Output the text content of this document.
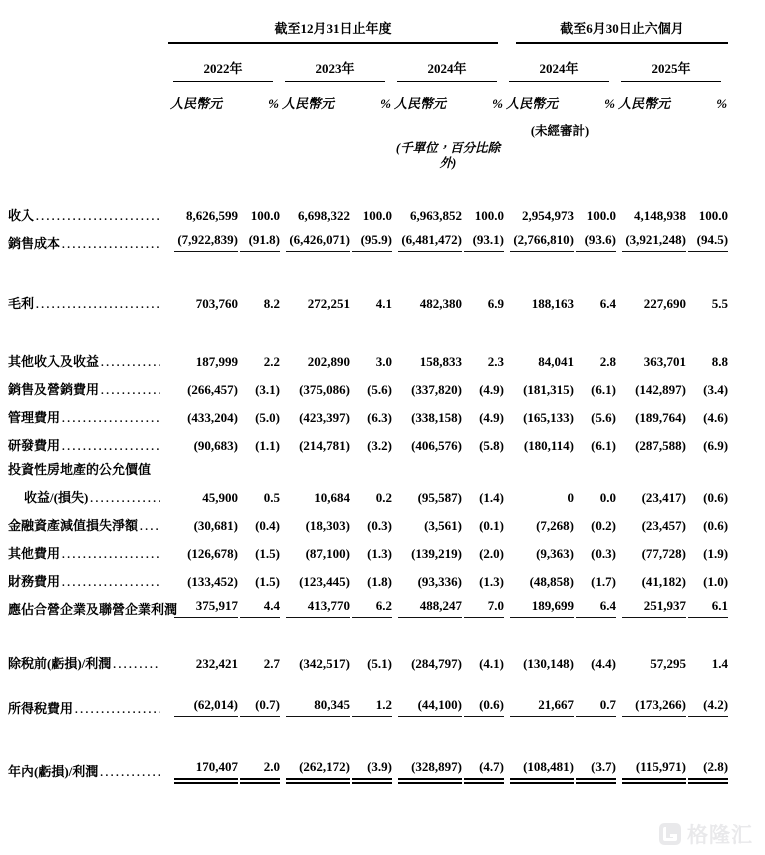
	截至12月31日止年度						截至6月30日止六個月			

	2022年		2023年		2024年		2024年		2025年	

	人民幣元	%	人民幣元	%	人民幣元	%	人民幣元	%	人民幣元	%
							(未經審計)			
					(千單位，百分比除外)					

收入
.....	8,626,599	100.0	6,698,322	100.0	6,963,852	100.0	2,954,973	100.0	4,148,938	100.0

銷售成本
.....	(7,922,839)	(91.8)	(6,426,071)	(95.9)	(6,481,472)	(93.1)	(2,766,810)	(93.6)	(3,921,248)	(94.5)

毛利
.....	703,760	8.2	272,251	4.1	482,380	6.9	188,163	6.4	227,690	5.5

其他收入及收益
.....	187,999	2.2	202,890	3.0	158,833	2.3	84,041	2.8	363,701	8.8

銷售及營銷費用
.....	(266,457)	(3.1)	(375,086)	(5.6)	(337,820)	(4.9)	(181,315)	(6.1)	(142,897)	(3.4)

管理費用
.....	(433,204)	(5.0)	(423,397)	(6.3)	(338,158)	(4.9)	(165,133)	(5.6)	(189,764)	(4.6)

研發費用
.....	(90,683)	(1.1)	(214,781)	(3.2)	(406,576)	(5.8)	(180,114)	(6.1)	(287,588)	(6.9)

投資性房地產的公允價值										

收益/(損失)
.....	45,900	0.5	10,684	0.2	(95,587)	(1.4)	0	0.0	(23,417)	(0.6)

金融資產減值損失淨額
.....	(30,681)	(0.4)	(18,303)	(0.3)	(3,561)	(0.1)	(7,268)	(0.2)	(23,457)	(0.6)

其他費用
.....	(126,678)	(1.5)	(87,100)	(1.3)	(139,219)	(2.0)	(9,363)	(0.3)	(77,728)	(1.9)

財務費用
.....	(133,452)	(1.5)	(123,445)	(1.8)	(93,336)	(1.3)	(48,858)	(1.7)	(41,182)	(1.0)

應佔合營企業及聯營企業利潤	375,917	4.4	413,770	6.2	488,247	7.0	189,699	6.4	251,937	6.1

除稅前(虧損)/利潤
.....	232,421	2.7	(342,517)	(5.1)	(284,797)	(4.1)	(130,148)	(4.4)	57,295	1.4

所得稅費用
.....	(62,014)	(0.7)	80,345	1.2	(44,100)	(0.6)	21,667	0.7	(173,266)	(4.2)

年內(虧損)/利潤
.....	170,407	2.0	(262,172)	(3.9)	(328,897)	(4.7)	(108,481)	(3.7)	(115,971)	(2.8)
格隆汇
